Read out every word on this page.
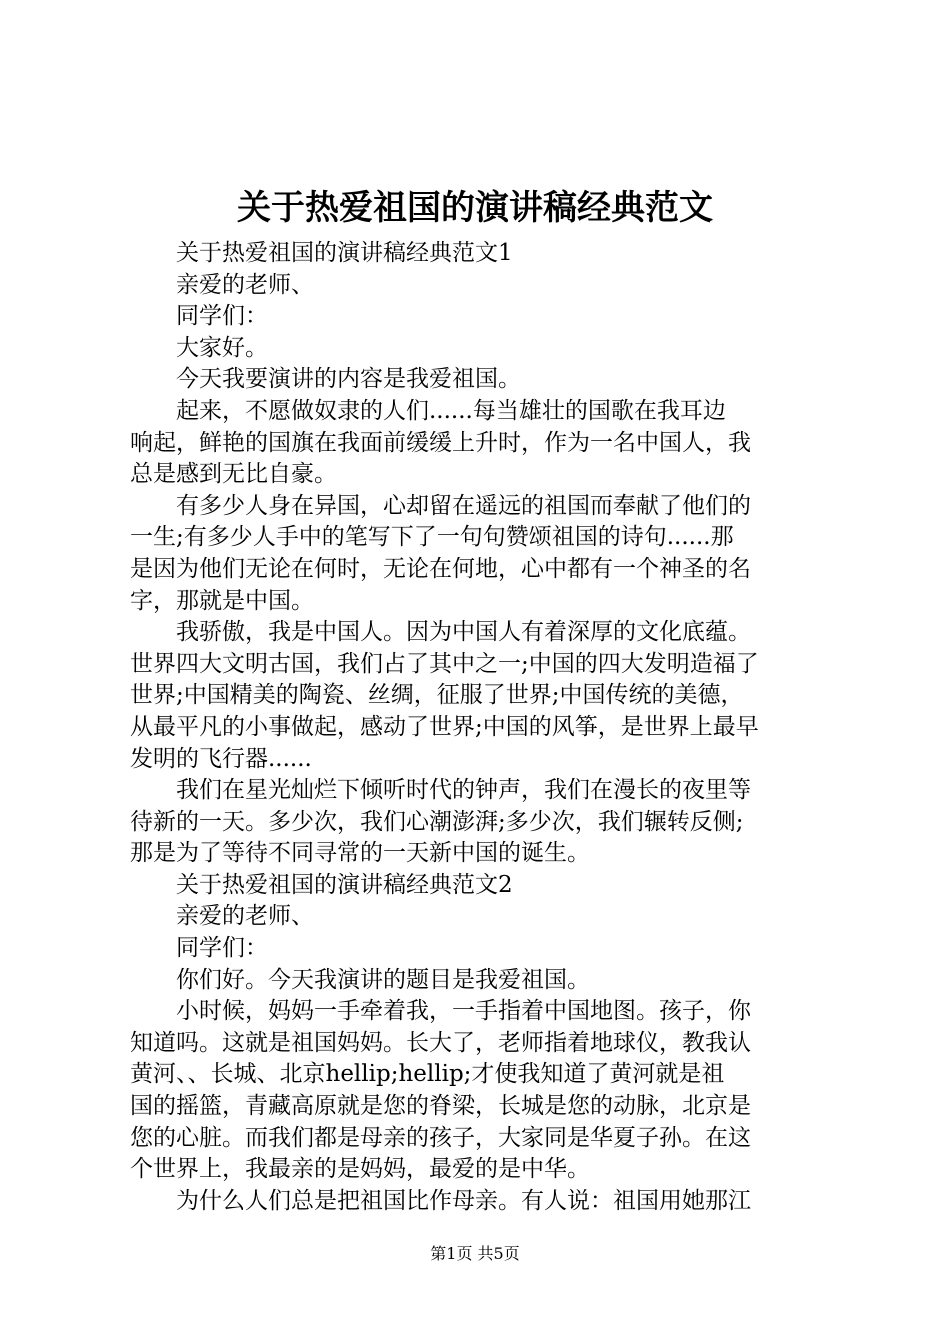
关于热爱祖国的演讲稿经典范文
关于热爱祖国的演讲稿经典范文1
亲爱的老师、
同学们：
大家好。
今天我要演讲的内容是我爱祖国。
起来，不愿做奴隶的人们......每当雄壮的国歌在我耳边
响起，鲜艳的国旗在我面前缓缓上升时，作为一名中国人，我
总是感到无比自豪。
有多少人身在异国，心却留在遥远的祖国而奉献了他们的
一生;有多少人手中的笔写下了一句句赞颂祖国的诗句......那
是因为他们无论在何时，无论在何地，心中都有一个神圣的名
字，那就是中国。
我骄傲，我是中国人。因为中国人有着深厚的文化底蕴。
世界四大文明古国，我们占了其中之一;中国的四大发明造福了
世界;中国精美的陶瓷、丝绸，征服了世界;中国传统的美德，
从最平凡的小事做起，感动了世界;中国的风筝，是世界上最早
发明的飞行器......
我们在星光灿烂下倾听时代的钟声，我们在漫长的夜里等
待新的一天。多少次，我们心潮澎湃;多少次，我们辗转反侧;
那是为了等待不同寻常的一天新中国的诞生。
关于热爱祖国的演讲稿经典范文2
亲爱的老师、
同学们：
你们好。今天我演讲的题目是我爱祖国。
小时候，妈妈一手牵着我，一手指着中国地图。孩子，你
知道吗。这就是祖国妈妈。长大了，老师指着地球仪，教我认
黄河、、长城、北京hellip;hellip;才使我知道了黄河就是祖
国的摇篮，青藏高原就是您的脊梁，长城是您的动脉，北京是
您的心脏。而我们都是母亲的孩子，大家同是华夏子孙。在这
个世界上，我最亲的是妈妈，最爱的是中华。
为什么人们总是把祖国比作母亲。有人说：祖国用她那江
第1页 共5页
